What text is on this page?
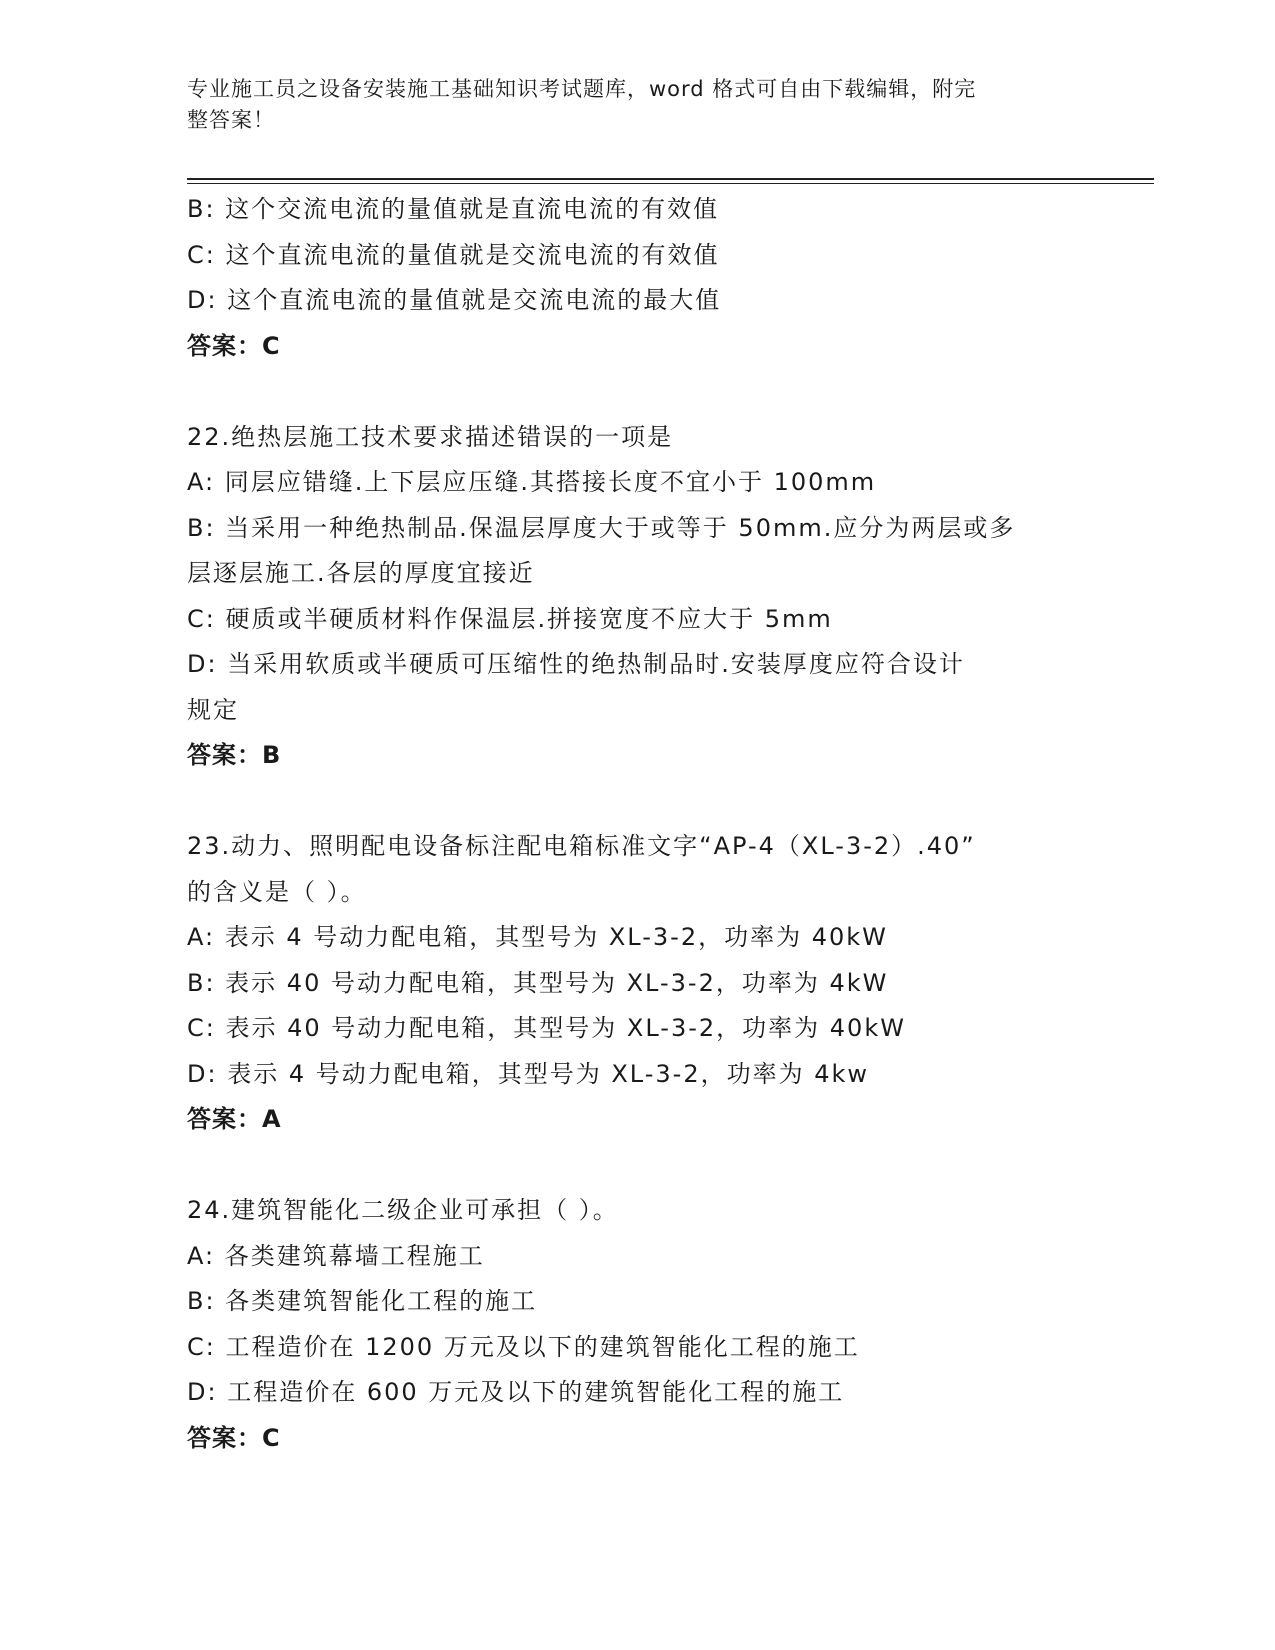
专业施工员之设备安装施工基础知识考试题库，word 格式可自由下载编辑，附完
整答案！
B: 这个交流电流的量值就是直流电流的有效值
C: 这个直流电流的量值就是交流电流的有效值
D: 这个直流电流的量值就是交流电流的最大值
答案：C
22.绝热层施工技术要求描述错误的一项是
A: 同层应错缝.上下层应压缝.其搭接长度不宜小于 100mm
B: 当采用一种绝热制品.保温层厚度大于或等于 50mm.应分为两层或多
层逐层施工.各层的厚度宜接近
C: 硬质或半硬质材料作保温层.拼接宽度不应大于 5mm
D: 当采用软质或半硬质可压缩性的绝热制品时.安装厚度应符合设计
规定
答案：B
23.动力、照明配电设备标注配电箱标准文字“AP-4（XL-3-2）.40”
的含义是（ ）。
A: 表示 4 号动力配电箱，其型号为 XL-3-2，功率为 40kW
B: 表示 40 号动力配电箱，其型号为 XL-3-2，功率为 4kW
C: 表示 40 号动力配电箱，其型号为 XL-3-2，功率为 40kW
D: 表示 4 号动力配电箱，其型号为 XL-3-2，功率为 4kw
答案：A
24.建筑智能化二级企业可承担（ ）。
A: 各类建筑幕墙工程施工
B: 各类建筑智能化工程的施工
C: 工程造价在 1200 万元及以下的建筑智能化工程的施工
D: 工程造价在 600 万元及以下的建筑智能化工程的施工
答案：C
